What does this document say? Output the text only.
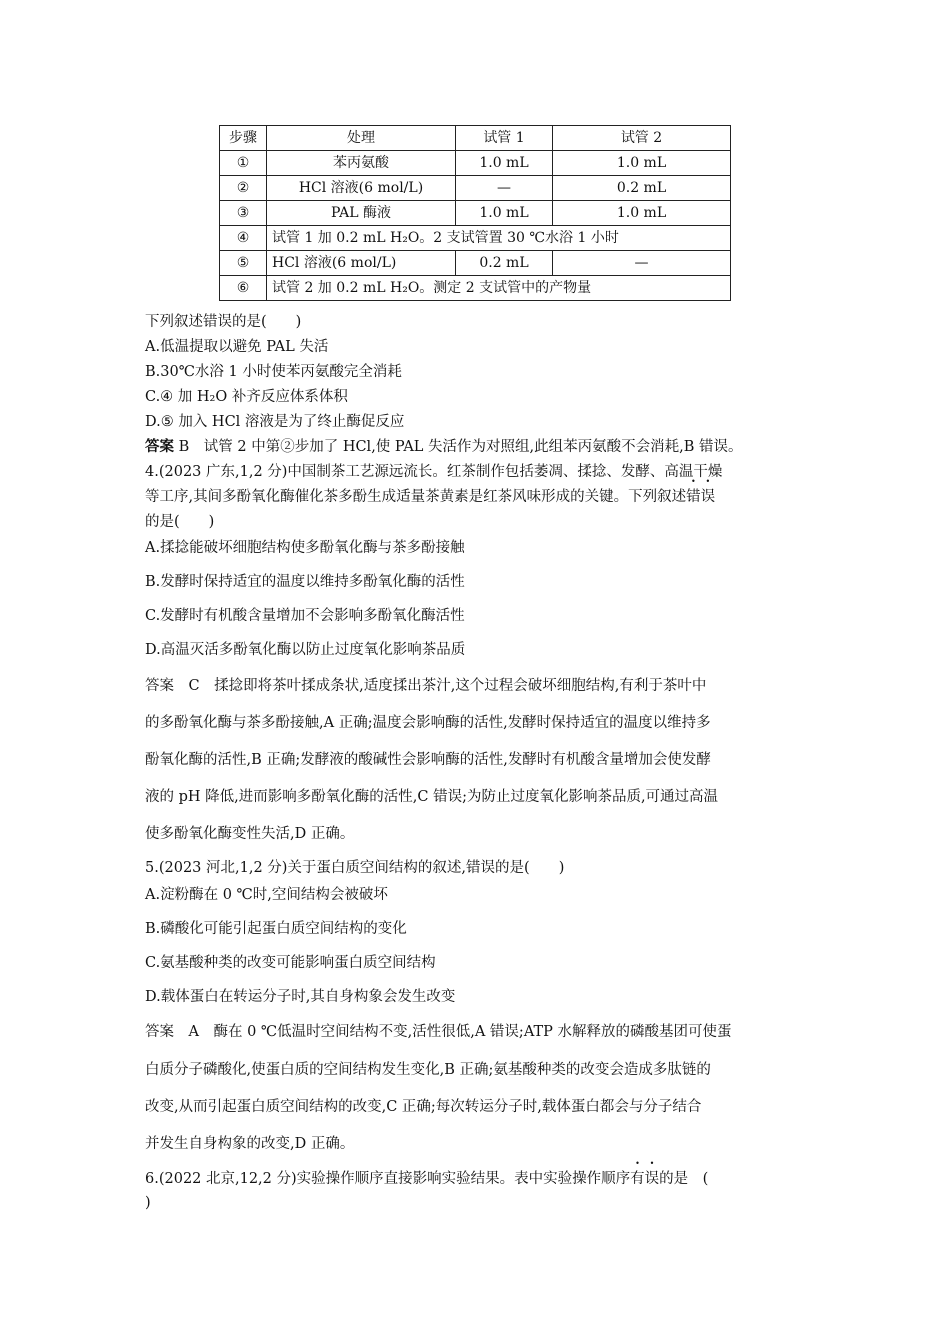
步骤	处理	试管 1	试管 2
①	苯丙氨酸	1.0 mL	1.0 mL
②	HCl 溶液(6 mol/L)	—	0.2 mL
③	PAL 酶液	1.0 mL	1.0 mL
④	试管 1 加 0.2 mL H₂O。2 支试管置 30 ℃水浴 1 小时		
⑤	HCl 溶液(6 mol/L)	0.2 mL	—
⑥	试管 2 加 0.2 mL H₂O。测定 2 支试管中的产物量		
下列叙述错误的是(　　)
A.低温提取以避免 PAL 失活
B.30℃水浴 1 小时使苯丙氨酸完全消耗
C.④ 加 H₂O 补齐反应体系体积
D.⑤ 加入 HCl 溶液是为了终止酶促反应
答案 B　试管 2 中第②步加了 HCl,使 PAL 失活作为对照组,此组苯丙氨酸不会消耗,B 错误。
4.(2023 广东,1,2 分)中国制茶工艺源远流长。红茶制作包括萎凋、揉捻、发酵、高温干燥
等工序,其间多酚氧化酶催化茶多酚生成适量茶黄素是红茶风味形成的关键。下列叙述错误
的是(　　)
A.揉捻能破坏细胞结构使多酚氧化酶与茶多酚接触
B.发酵时保持适宜的温度以维持多酚氧化酶的活性
C.发酵时有机酸含量增加不会影响多酚氧化酶活性
D.高温灭活多酚氧化酶以防止过度氧化影响茶品质
答案　C　揉捻即将茶叶揉成条状,适度揉出茶汁,这个过程会破坏细胞结构,有利于茶叶中
的多酚氧化酶与茶多酚接触,A 正确;温度会影响酶的活性,发酵时保持适宜的温度以维持多
酚氧化酶的活性,B 正确;发酵液的酸碱性会影响酶的活性,发酵时有机酸含量增加会使发酵
液的 pH 降低,进而影响多酚氧化酶的活性,C 错误;为防止过度氧化影响茶品质,可通过高温
使多酚氧化酶变性失活,D 正确。
5.(2023 河北,1,2 分)关于蛋白质空间结构的叙述,错误的是(　　)
A.淀粉酶在 0 ℃时,空间结构会被破坏
B.磷酸化可能引起蛋白质空间结构的变化
C.氨基酸种类的改变可能影响蛋白质空间结构
D.载体蛋白在转运分子时,其自身构象会发生改变
答案　A　酶在 0 ℃低温时空间结构不变,活性很低,A 错误;ATP 水解释放的磷酸基团可使蛋
白质分子磷酸化,使蛋白质的空间结构发生变化,B 正确;氨基酸种类的改变会造成多肽链的
改变,从而引起蛋白质空间结构的改变,C 正确;每次转运分子时,载体蛋白都会与分子结合
并发生自身构象的改变,D 正确。
6.(2022 北京,12,2 分)实验操作顺序直接影响实验结果。表中实验操作顺序有误的是　(
)
